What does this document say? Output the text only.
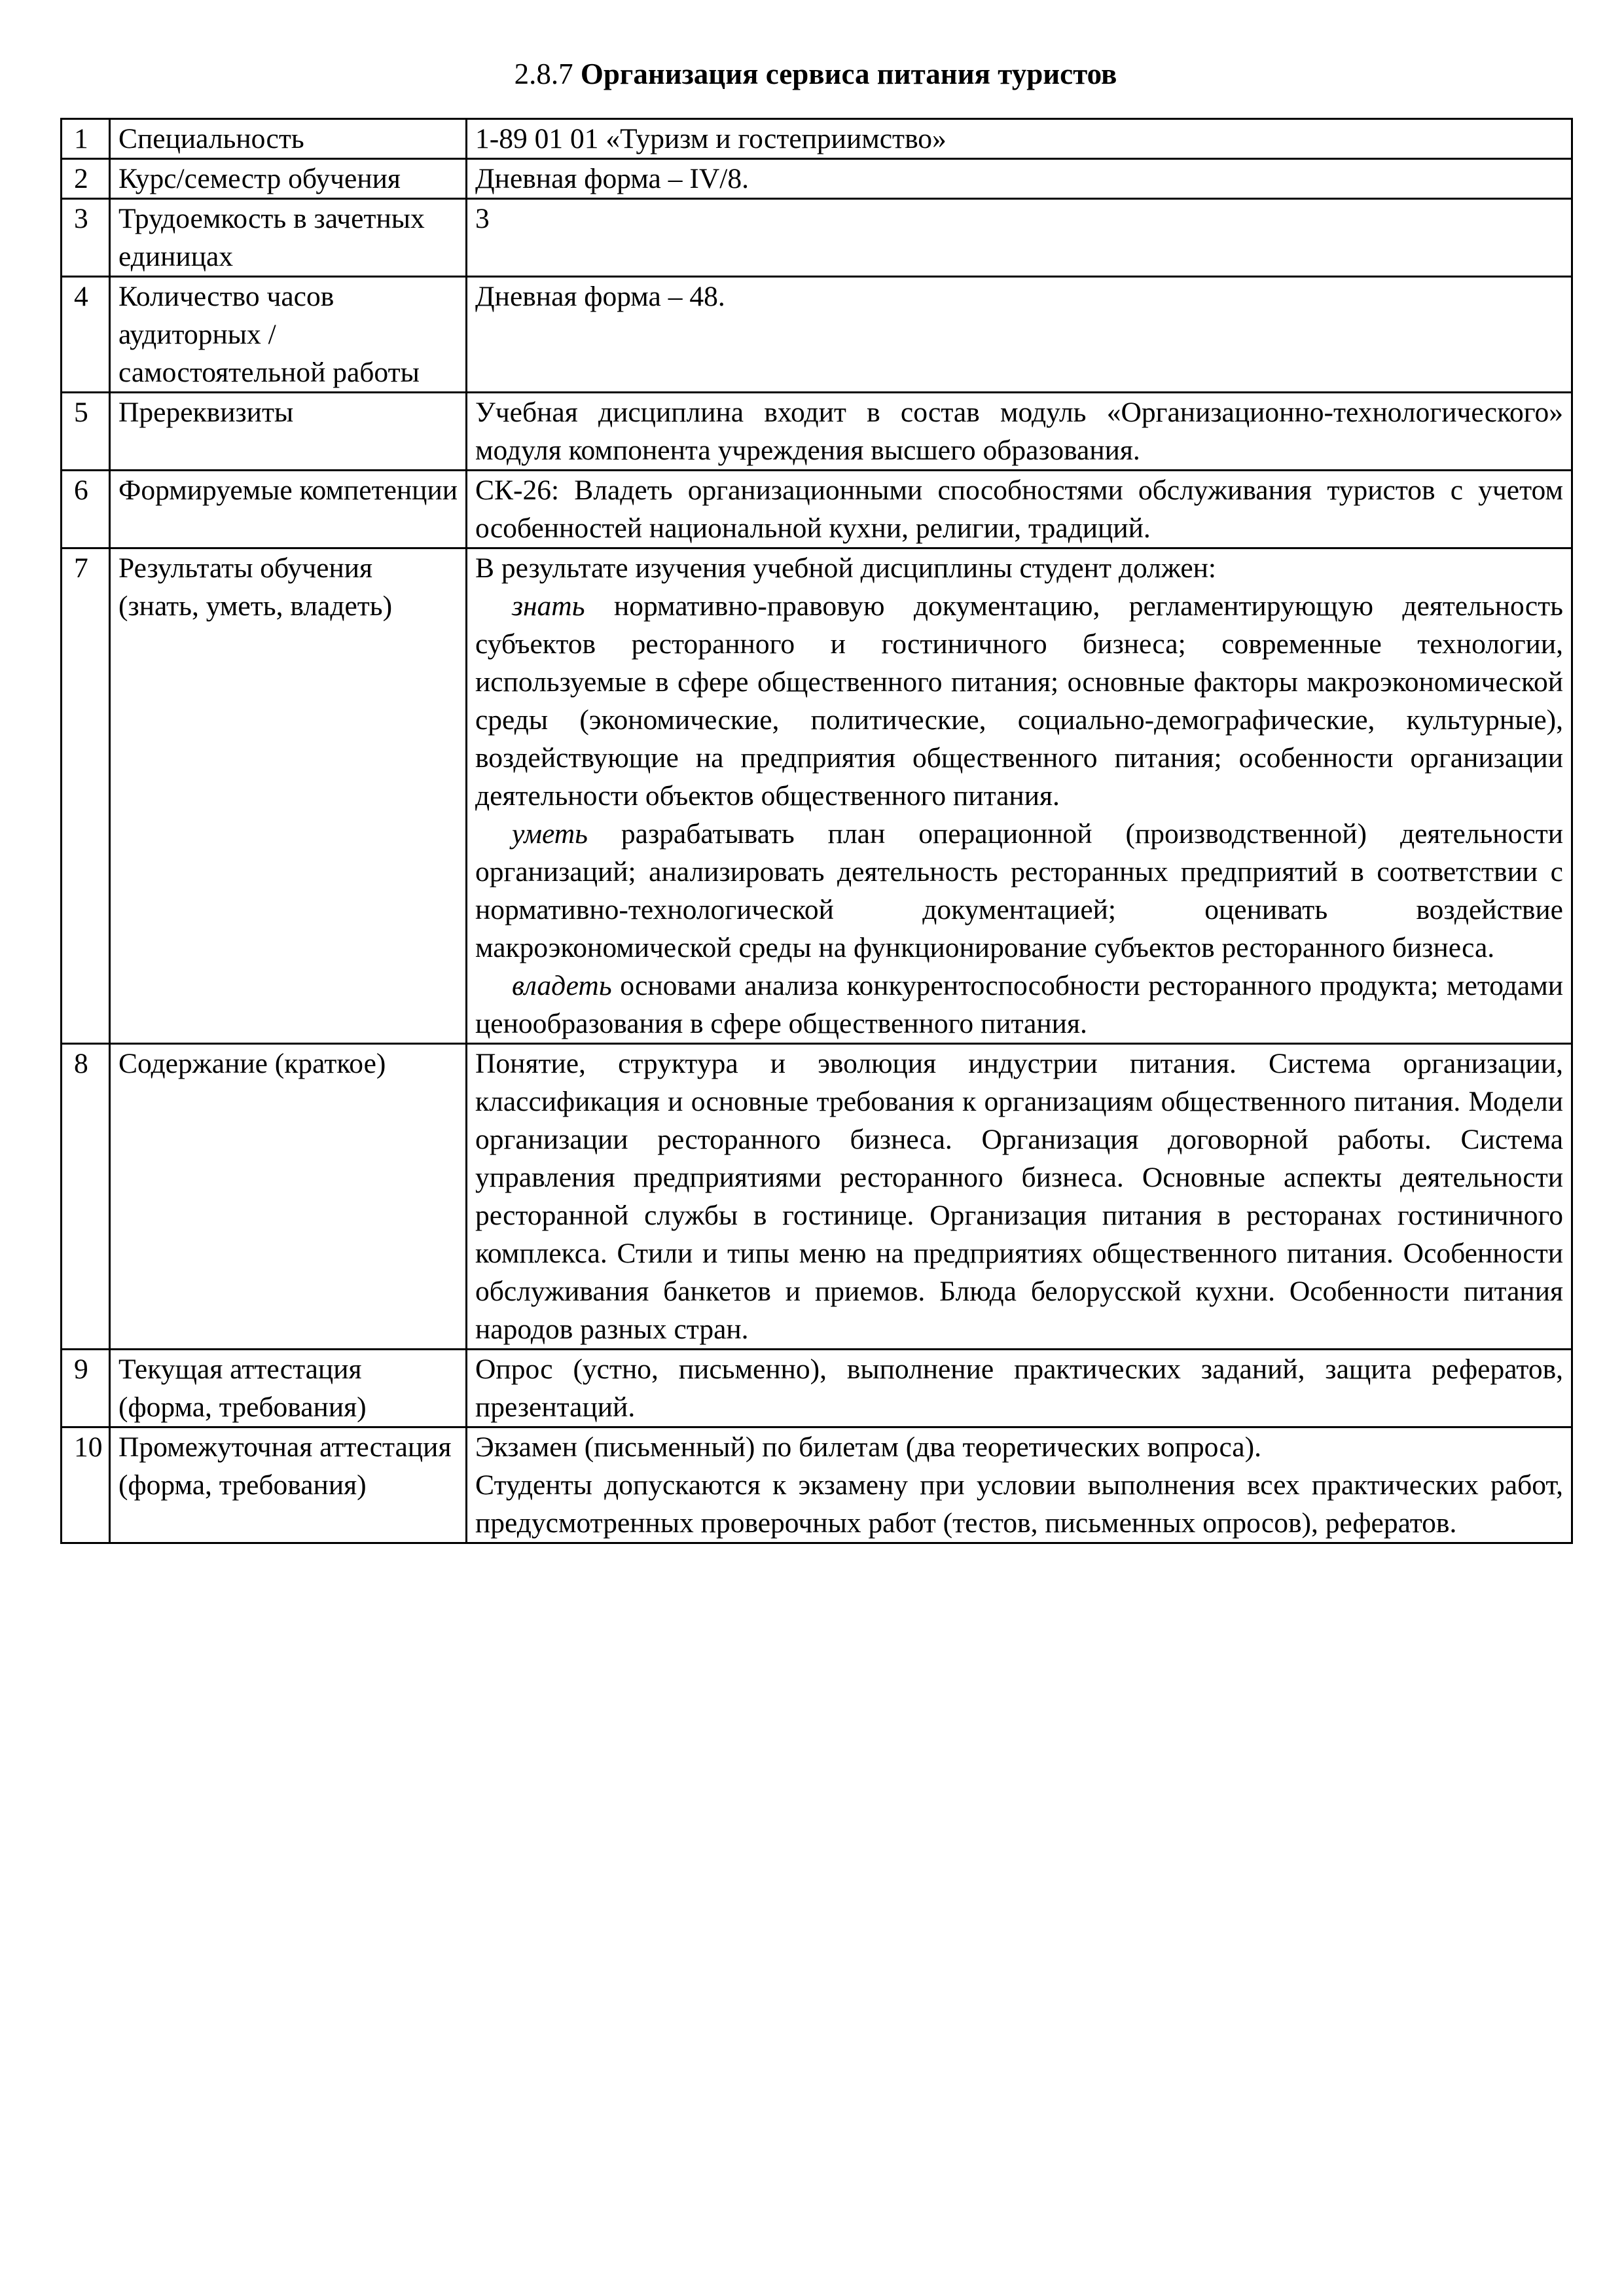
2.8.7 Организация сервиса питания туристов
1	Специальность	1-89 01 01 «Туризм и гостеприимство»

2	Курс/семестр обучения	Дневная форма – IV/8.

3	Трудоемкость в зачетных единицах	3

4	Количество часов аудиторных / самостоятельной работы	Дневная форма – 48.

5	Пререквизиты	Учебная дисциплина входит в состав модуль «Организационно-технологического» модуля компонента учреждения высшего образования.

6	Формируемые компетенции	СК-26: Владеть организационными способностями обслуживания туристов с учетом особенностей национальной кухни, религии, традиций.

7	Результаты обучения (знать, уметь, владеть)	В результате изучения учебной дисциплины студент должен:

знать нормативно-правовую документацию, регламентирующую деятельность субъектов ресторанного и гостиничного бизнеса; современные технологии, используемые в сфере общественного питания; основные факторы макроэкономической среды (экономические, политические, социально-демографические, культурные), воздействующие на предприятия общественного питания; особенности организации деятельности объектов общественного питания.

уметь разрабатывать план операционной (производственной) деятельности организаций; анализировать деятельность ресторанных предприятий в соответствии с нормативно-технологической документацией; оценивать воздействие макроэкономической среды на функционирование субъектов ресторанного бизнеса.

владеть основами анализа конкурентоспособности ресторанного продукта; методами ценообразования в сфере общественного питания.

8	Содержание (краткое)	Понятие, структура и эволюция индустрии питания. Система организации, классификация и основные требования к организациям общественного питания. Модели организации ресторанного бизнеса. Организация договорной работы. Система управления предприятиями ресторанного бизнеса. Основные аспекты деятельности ресторанной службы в гостинице. Организация питания в ресторанах гостиничного комплекса. Стили и типы меню на предприятиях общественного питания. Особенности обслуживания банкетов и приемов. Блюда белорусской кухни. Особенности питания народов разных стран.

9	Текущая аттестация (форма, требования)	Опрос (устно, письменно), выполнение практических заданий, защита рефератов, презентаций.

10	Промежуточная аттестация (форма, требования)	Экзамен (письменный) по билетам (два теоретических вопроса).

Студенты допускаются к экзамену при условии выполнения всех практических работ, предусмотренных проверочных работ (тестов, письменных опросов), рефератов.
